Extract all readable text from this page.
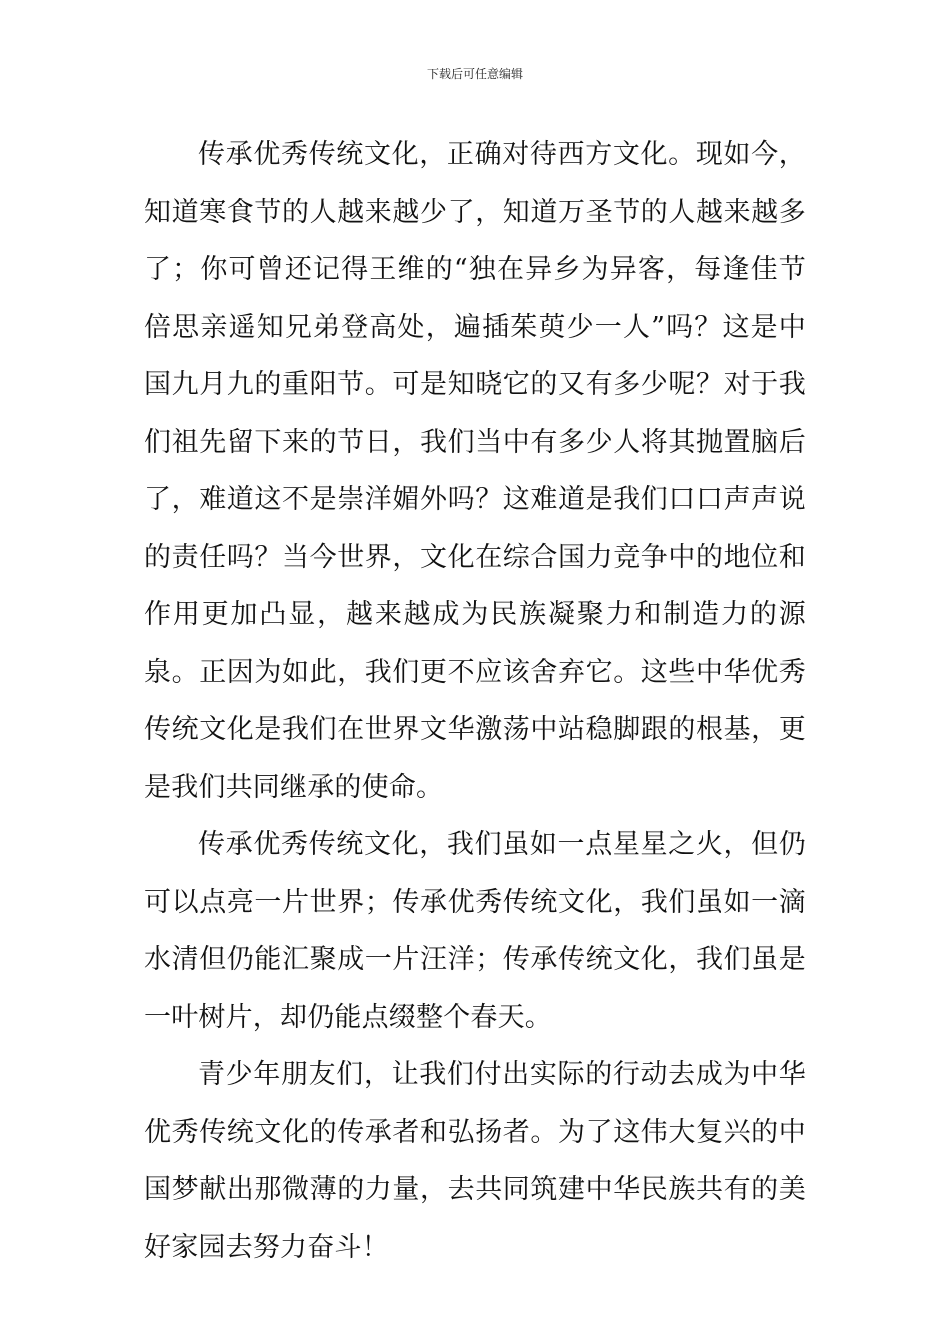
下载后可任意编辑

传承优秀传统文化，正确对待西方文化。现如今，知道寒食节的人越来越少了，知道万圣节的人越来越多了；你可曾还记得王维的“独在异乡为异客，每逢佳节倍思亲遥知兄弟登高处，遍插茱萸少一人”吗？这是中国九月九的重阳节。可是知晓它的又有多少呢？对于我们祖先留下来的节日，我们当中有多少人将其抛置脑后了，难道这不是崇洋媚外吗？这难道是我们口口声声说的责任吗？当今世界，文化在综合国力竞争中的地位和作用更加凸显，越来越成为民族凝聚力和制造力的源泉。正因为如此，我们更不应该舍弃它。这些中华优秀传统文化是我们在世界文华激荡中站稳脚跟的根基，更是我们共同继承的使命。

传承优秀传统文化，我们虽如一点星星之火，但仍可以点亮一片世界；传承优秀传统文化，我们虽如一滴水清但仍能汇聚成一片汪洋；传承传统文化，我们虽是一叶树片，却仍能点缀整个春天。

青少年朋友们，让我们付出实际的行动去成为中华优秀传统文化的传承者和弘扬者。为了这伟大复兴的中国梦献出那微薄的力量，去共同筑建中华民族共有的美好家园去努力奋斗！
